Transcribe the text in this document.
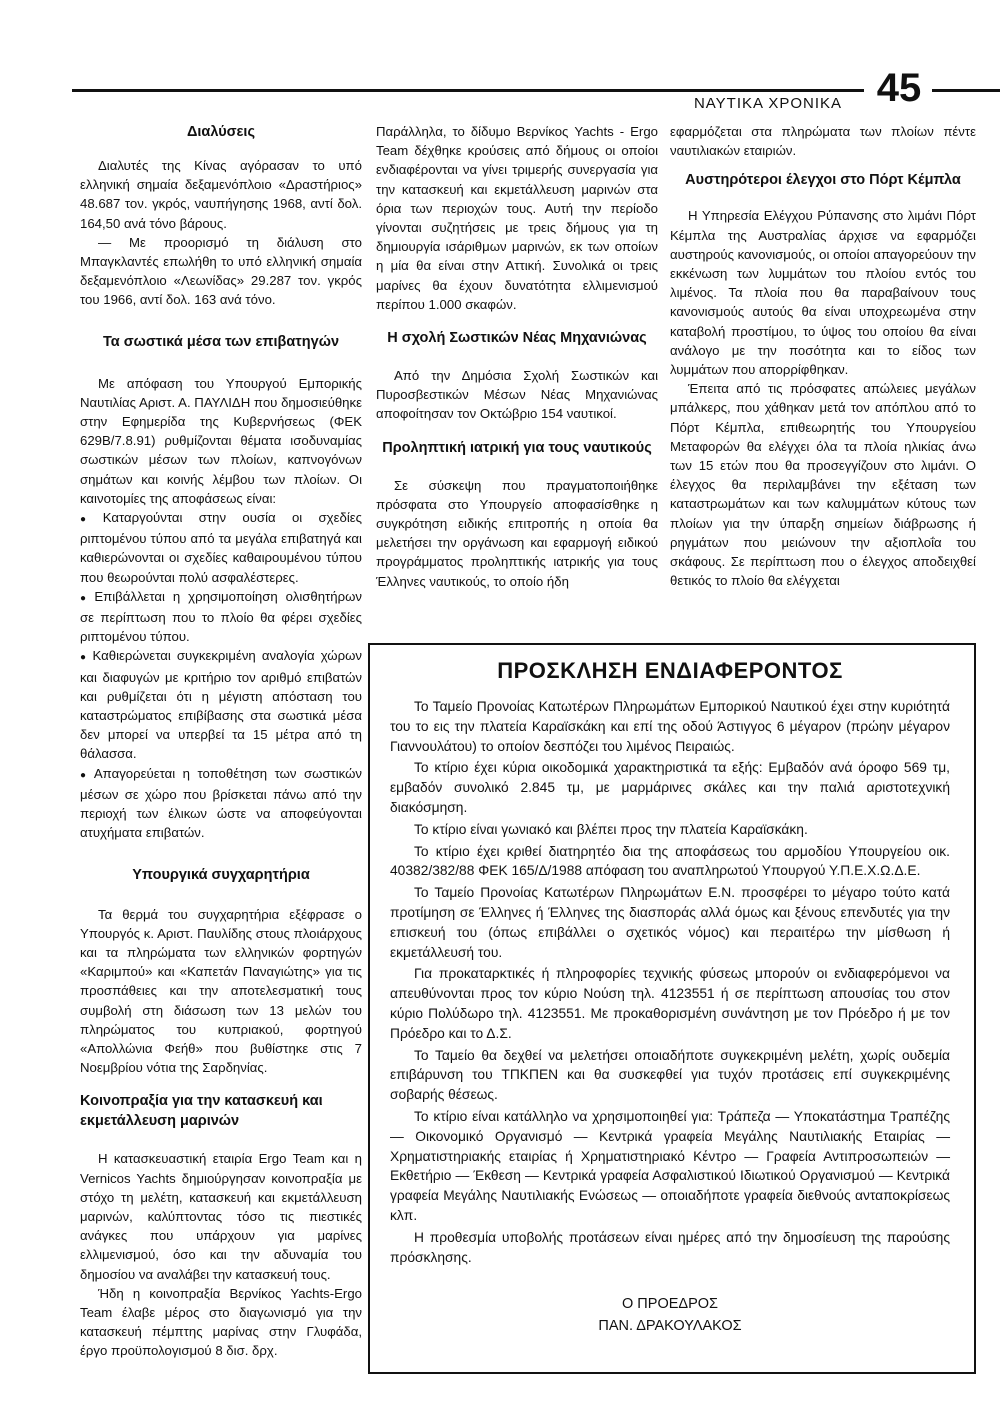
45
ΝΑΥΤΙΚΑ ΧΡΟΝΙΚΑ
Διαλύσεις

Διαλυτές της Κίνας αγόρασαν το υπό ελληνική σημαία δεξαμενόπλοιο «Δραστήριος» 48.687 τον. γκρός, ναυπήγησης 1968, αντί δολ. 164,50 ανά τόνο βάρους.

— Με προορισμό τη διάλυση στο Μπαγκλαντές επωλήθη το υπό ελληνική σημαία δεξαμενόπλοιο «Λεωνίδας» 29.287 τον. γκρός του 1966, αντί δολ. 163 ανά τόνο.

Τα σωστικά μέσα των επιβατηγών

Με απόφαση του Υπουργού Εμπορικής Ναυτιλίας Αριστ. Α. ΠΑΥΛΙΔΗ που δημοσιεύθηκε στην Εφημερίδα της Κυβερνήσεως (ΦΕΚ 629Β/7.8.91) ρυθμίζονται θέματα ισοδυναμίας σωστικών μέσων των πλοίων, καπνογόνων σημάτων και κοινής λέμβου των πλοίων. Οι καινοτομίες της αποφάσεως είναι:

● Καταργούνται στην ουσία οι σχεδίες ριπτομένου τύπου από τα μεγάλα επιβατηγά και καθιερώνονται οι σχεδίες καθαιρουμένου τύπου που θεωρούνται πολύ ασφαλέστερες.

● Επιβάλλεται η χρησιμοποίηση ολισθητήρων σε περίπτωση που το πλοίο θα φέρει σχεδίες ριπτομένου τύπου.

● Καθιερώνεται συγκεκριμένη αναλογία χώρων και διαφυγών με κριτήριο τον αριθμό επιβατών και ρυθμίζεται ότι η μέγιστη απόσταση του καταστρώματος επιβίβασης στα σωστικά μέσα δεν μπορεί να υπερβεί τα 15 μέτρα από τη θάλασσα.

● Απαγορεύεται η τοποθέτηση των σωστικών μέσων σε χώρο που βρίσκεται πάνω από την περιοχή των έλικων ώστε να αποφεύγονται ατυχήματα επιβατών.

Υπουργικά συγχαρητήρια

Τα θερμά του συγχαρητήρια εξέφρασε ο Υπουργός κ. Αριστ. Παυλίδης στους πλοιάρχους και τα πληρώματα των ελληνικών φορτηγών «Καριμπού» και «Καπετάν Παναγιώτης» για τις προσπάθειες και την αποτελεσματική τους συμβολή στη διάσωση των 13 μελών του πληρώματος του κυπριακού, φορτηγού «Απολλώνια Φεήθ» που βυθίστηκε στις 7 Νοεμβρίου νότια της Σαρδηνίας.

Κοινοπραξία για την κατασκευή και εκμετάλλευση μαρινών

Η κατασκευαστική εταιρία Ergo Team και η Vernicos Yachts δημιούργησαν κοινοπραξία με στόχο τη μελέτη, κατασκευή και εκμετάλλευση μαρινών, καλύπτοντας τόσο τις πιεστικές ανάγκες που υπάρχουν για μαρίνες ελλιμενισμού, όσο και την αδυναμία του δημοσίου να αναλάβει την κατασκευή τους.

Ήδη η κοινοπραξία Βερνίκος Yachts-Ergo Team έλαβε μέρος στο διαγωνισμό για την κατασκευή πέμπτης μαρίνας στην Γλυφάδα, έργο προϋπολογισμού 8 δισ. δρχ.

Παράλληλα, το δίδυμο Βερνίκος Yachts - Ergo Team δέχθηκε κρούσεις από δήμους οι οποίοι ενδιαφέρονται να γίνει τριμερής συνεργασία για την κατασκευή και εκμετάλλευση μαρινών στα όρια των περιοχών τους. Αυτή την περίοδο γίνονται συζητήσεις με τρεις δήμους για τη δημιουργία ισάριθμων μαρινών, εκ των οποίων η μία θα είναι στην Αττική. Συνολικά οι τρεις μαρίνες θα έχουν δυνατότητα ελλιμενισμού περίπου 1.000 σκαφών.

Η σχολή Σωστικών Νέας Μηχανιώνας

Από την Δημόσια Σχολή Σωστικών και Πυροσβεστικών Μέσων Νέας Μηχανιώνας αποφοίτησαν τον Οκτώβριο 154 ναυτικοί.

Προληπτική ιατρική για τους ναυτικούς

Σε σύσκεψη που πραγματοποιήθηκε πρόσφατα στο Υπουργείο αποφασίσθηκε η συγκρότηση ειδικής επιτροπής η οποία θα μελετήσει την οργάνωση και εφαρμογή ειδικού προγράμματος προληπτικής ιατρικής για τους Έλληνες ναυτικούς, το οποίο ήδη

εφαρμόζεται στα πληρώματα των πλοίων πέντε ναυτιλιακών εταιριών.

Αυστηρότεροι έλεγχοι στο Πόρτ Κέμπλα

Η Υπηρεσία Ελέγχου Ρύπανσης στο λιμάνι Πόρτ Κέμπλα της Αυστραλίας άρχισε να εφαρμόζει αυστηρούς κανονισμούς, οι οποίοι απαγορεύουν την εκκένωση των λυμμάτων του πλοίου εντός του λιμένος. Τα πλοία που θα παραβαίνουν τους κανονισμούς αυτούς θα είναι υποχρεωμένα στην καταβολή προστίμου, το ύψος του οποίου θα είναι ανάλογο με την ποσότητα και το είδος των λυμμάτων που απορρίφθηκαν.

Έπειτα από τις πρόσφατες απώλειες μεγάλων μπάλκερς, που χάθηκαν μετά τον απόπλου από το Πόρτ Κέμπλα, επιθεωρητής του Υπουργείου Μεταφορών θα ελέγχει όλα τα πλοία ηλικίας άνω των 15 ετών που θα προσεγγίζουν στο λιμάνι. Ο έλεγχος θα περιλαμβάνει την εξέταση των καταστρωμάτων και των καλυμμάτων κύτους των πλοίων για την ύπαρξη σημείων διάβρωσης ή ρηγμάτων που μειώνουν την αξιοπλοΐα του σκάφους. Σε περίπτωση που ο έλεγχος αποδειχθεί θετικός το πλοίο θα ελέγχεται

ΠΡΟΣΚΛΗΣΗ ΕΝΔΙΑΦΕΡΟΝΤΟΣ

Το Ταμείο Προνοίας Κατωτέρων Πληρωμάτων Εμπορικού Ναυτικού έχει στην κυριότητά του το εις την πλατεία Καραϊσκάκη και επί της οδού Άστιγγος 6 μέγαρον (πρώην μέγαρον Γιαννουλάτου) το οποίον δεσπόζει του λιμένος Πειραιώς.

Το κτίριο έχει κύρια οικοδομικά χαρακτηριστικά τα εξής: Εμβαδόν ανά όροφο 569 τμ, εμβαδόν συνολικό 2.845 τμ, με μαρμάρινες σκάλες και την παλιά αριστοτεχνική διακόσμηση.

Το κτίριο είναι γωνιακό και βλέπει προς την πλατεία Καραϊσκάκη.

Το κτίριο έχει κριθεί διατηρητέο δια της αποφάσεως του αρμοδίου Υπουργείου οικ. 40382/382/88 ΦΕΚ 165/Δ/1988 απόφαση του αναπληρωτού Υπουργού Υ.Π.Ε.Χ.Ω.Δ.Ε.

Το Ταμείο Προνοίας Κατωτέρων Πληρωμάτων Ε.Ν. προσφέρει το μέγαρο τούτο κατά προτίμηση σε Έλληνες ή Έλληνες της διασποράς αλλά όμως και ξένους επενδυτές για την επισκευή του (όπως επιβάλλει ο σχετικός νόμος) και περαιτέρω την μίσθωση ή εκμετάλλευσή του.

Για προκαταρκτικές ή πληροφορίες τεχνικής φύσεως μπορούν οι ενδιαφερόμενοι να απευθύνονται προς τον κύριο Νούση τηλ. 4123551 ή σε περίπτωση απουσίας του στον κύριο Πολύδωρο τηλ. 4123551. Με προκαθορισμένη συνάντηση με τον Πρόεδρο ή με τον Πρόεδρο και το Δ.Σ.

Το Ταμείο θα δεχθεί να μελετήσει οποιαδήποτε συγκεκριμένη μελέτη, χωρίς ουδεμία επιβάρυνση του ΤΠΚΠΕΝ και θα συσκεφθεί για τυχόν προτάσεις επί συγκεκριμένης σοβαρής θέσεως.

Το κτίριο είναι κατάλληλο να χρησιμοποιηθεί για: Τράπεζα — Υποκατάστημα Τραπέζης — Οικονομικό Οργανισμό — Κεντρικά γραφεία Μεγάλης Ναυτιλιακής Εταιρίας — Χρηματιστηριακής εταιρίας ή Χρηματιστηριακό Κέντρο — Γραφεία Αντιπροσωπειών — Εκθετήριο — Έκθεση — Κεντρικά γραφεία Ασφαλιστικού Ιδιωτικού Οργανισμού — Κεντρικά γραφεία Μεγάλης Ναυτιλιακής Ενώσεως — οποιαδήποτε γραφεία διεθνούς ανταποκρίσεως κλπ.

Η προθεσμία υποβολής προτάσεων είναι ημέρες από την δημοσίευση της παρούσης πρόσκλησης.

Ο ΠΡΟΕΔΡΟΣ
ΠΑΝ. ΔΡΑΚΟΥΛΑΚΟΣ
